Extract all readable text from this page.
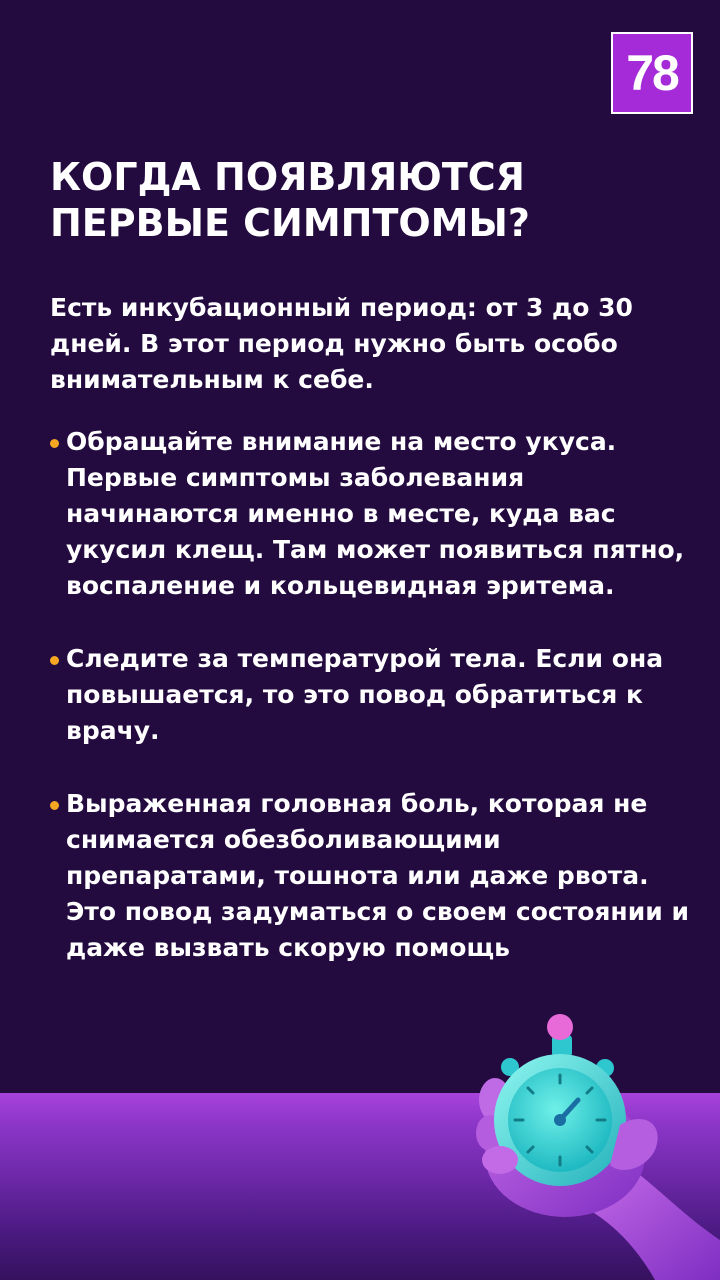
78
КОГДА ПОЯВЛЯЮТСЯ ПЕРВЫЕ СИМПТОМЫ?

Есть инкубационный период: от 3 до 30 дней. В этот период нужно быть особо внимательным к себе.

Обращайте внимание на место укуса. Первые симптомы заболевания начинаются именно в месте, куда вас укусил клещ. Там может появиться пятно, воспаление и кольцевидная эритема.
Следите за температурой тела. Если она повышается, то это повод обратиться к врачу.
Выраженная головная боль, которая не снимается обезболивающими препаратами, тошнота или даже рвота. Это повод задуматься о своем состоянии и даже вызвать скорую помощь
